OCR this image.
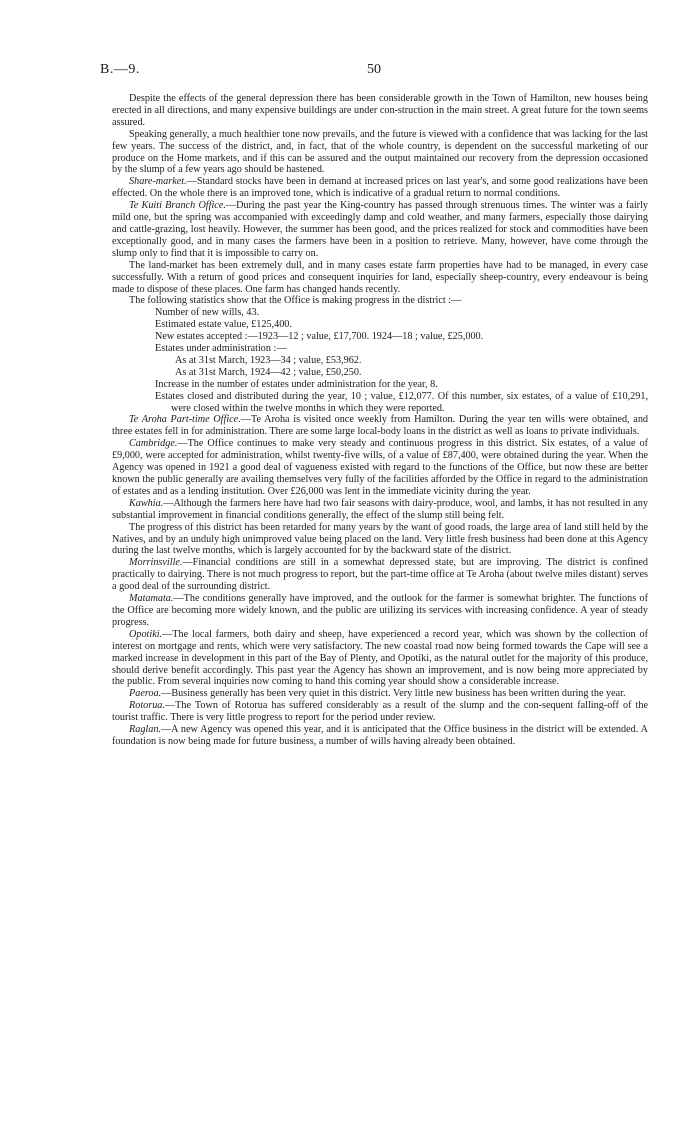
B.—9.	50

Despite the effects of the general depression there has been considerable growth in the Town of Hamilton, new houses being erected in all directions, and many expensive buildings are under con-struction in the main street. A great future for the town seems assured.

Speaking generally, a much healthier tone now prevails, and the future is viewed with a confidence that was lacking for the last few years. The success of the district, and, in fact, that of the whole country, is dependent on the successful marketing of our produce on the Home markets, and if this can be assured and the output maintained our recovery from the depression occasioned by the slump of a few years ago should be hastened.

Share-market.—Standard stocks have been in demand at increased prices on last year's, and some good realizations have been effected. On the whole there is an improved tone, which is indicative of a gradual return to normal conditions.

Te Kuiti Branch Office.—During the past year the King-country has passed through strenuous times. The winter was a fairly mild one, but the spring was accompanied with exceedingly damp and cold weather, and many farmers, especially those dairying and cattle-grazing, lost heavily. However, the summer has been good, and the prices realized for stock and commodities have been exceptionally good, and in many cases the farmers have been in a position to retrieve. Many, however, have come through the slump only to find that it is impossible to carry on.

The land-market has been extremely dull, and in many cases estate farm properties have had to be managed, in every case successfully. With a return of good prices and consequent inquiries for land, especially sheep-country, every endeavour is being made to dispose of these places. One farm has changed hands recently.

The following statistics show that the Office is making progress in the district :—

Number of new wills, 43.

Estimated estate value, £125,400.

New estates accepted :—1923—12 ; value, £17,700. 1924—18 ; value, £25,000.

Estates under administration :—

As at 31st March, 1923—34 ; value, £53,962.

As at 31st March, 1924—42 ; value, £50,250.

Increase in the number of estates under administration for the year, 8.

Estates closed and distributed during the year, 10 ; value, £12,077. Of this number, six estates, of a value of £10,291, were closed within the twelve months in which they were reported.

Te Aroha Part-time Office.—Te Aroha is visited once weekly from Hamilton. During the year ten wills were obtained, and three estates fell in for administration. There are some large local-body loans in the district as well as loans to private individuals.

Cambridge.—The Office continues to make very steady and continuous progress in this district. Six estates, of a value of £9,000, were accepted for administration, whilst twenty-five wills, of a value of £87,400, were obtained during the year. When the Agency was opened in 1921 a good deal of vagueness existed with regard to the functions of the Office, but now these are better known the public generally are availing themselves very fully of the facilities afforded by the Office in regard to the administration of estates and as a lending institution. Over £26,000 was lent in the immediate vicinity during the year.

Kawhia.—Although the farmers here have had two fair seasons with dairy-produce, wool, and lambs, it has not resulted in any substantial improvement in financial conditions generally, the effect of the slump still being felt.

The progress of this district has been retarded for many years by the want of good roads, the large area of land still held by the Natives, and by an unduly high unimproved value being placed on the land. Very little fresh business had been done at this Agency during the last twelve months, which is largely accounted for by the backward state of the district.

Morrinsville.—Financial conditions are still in a somewhat depressed state, but are improving. The district is confined practically to dairying. There is not much progress to report, but the part-time office at Te Aroha (about twelve miles distant) serves a good deal of the surrounding district.

Matamata.—The conditions generally have improved, and the outlook for the farmer is somewhat brighter. The functions of the Office are becoming more widely known, and the public are utilizing its services with increasing confidence. A year of steady progress.

Opotiki.—The local farmers, both dairy and sheep, have experienced a record year, which was shown by the collection of interest on mortgage and rents, which were very satisfactory. The new coastal road now being formed towards the Cape will see a marked increase in development in this part of the Bay of Plenty, and Opotiki, as the natural outlet for the majority of this produce, should derive benefit accordingly. This past year the Agency has shown an improvement, and is now being more appreciated by the public. From several inquiries now coming to hand this coming year should show a considerable increase.

Paeroa.—Business generally has been very quiet in this district. Very little new business has been written during the year.

Rotorua.—The Town of Rotorua has suffered considerably as a result of the slump and the con-sequent falling-off of the tourist traffic. There is very little progress to report for the period under review.

Raglan.—A new Agency was opened this year, and it is anticipated that the Office business in the district will be extended. A foundation is now being made for future business, a number of wills having already been obtained.
